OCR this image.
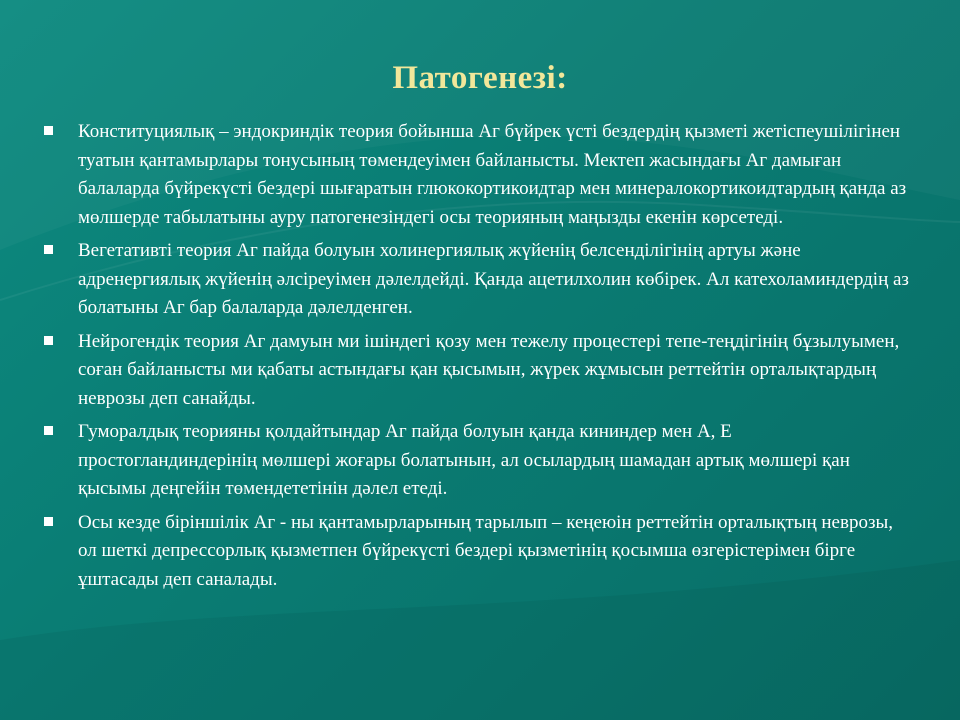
Патогенезі:
Конституциялық – эндокриндік теория бойынша Аг бүйрек үсті бездердің қызметі жетіспеушілігінен туатын қантамырлары тонусының төмендеуімен байланысты. Мектеп жасындағы Аг дамыған балаларда бүйрекүсті бездері шығаратын глюкокортикоидтар мен минералокортикоидтардың қанда аз мөлшерде табылатыны ауру патогенезіндегі осы теорияның маңызды екенін көрсетеді.
Вегетативті теория Аг пайда болуын холинергиялық жүйенің белсенділігінің артуы және адренергиялық жүйенің әлсіреуімен дәлелдейді. Қанда ацетилхолин көбірек. Ал катехоламиндердің аз болатыны Аг бар балаларда дәлелденген.
Нейрогендік теория Аг дамуын ми ішіндегі қозу мен тежелу процестері тепе-теңдігінің бұзылуымен, соған байланысты ми қабаты астындағы қан қысымын, жүрек жұмысын реттейтін орталықтардың неврозы деп санайды.
Гуморалдық теорияны қолдайтындар Аг пайда болуын қанда кининдер мен А, Е простогландиндерінің мөлшері жоғары болатынын, ал осылардың шамадан артық мөлшері қан қысымы деңгейін төмендететінін дәлел етеді.
Осы кезде біріншілік Аг - ны қантамырларының тарылып – кеңеюін реттейтін орталықтың неврозы, ол шеткі депрессорлық қызметпен бүйрекүсті бездері қызметінің қосымша өзгерістерімен бірге ұштасады деп саналады.
